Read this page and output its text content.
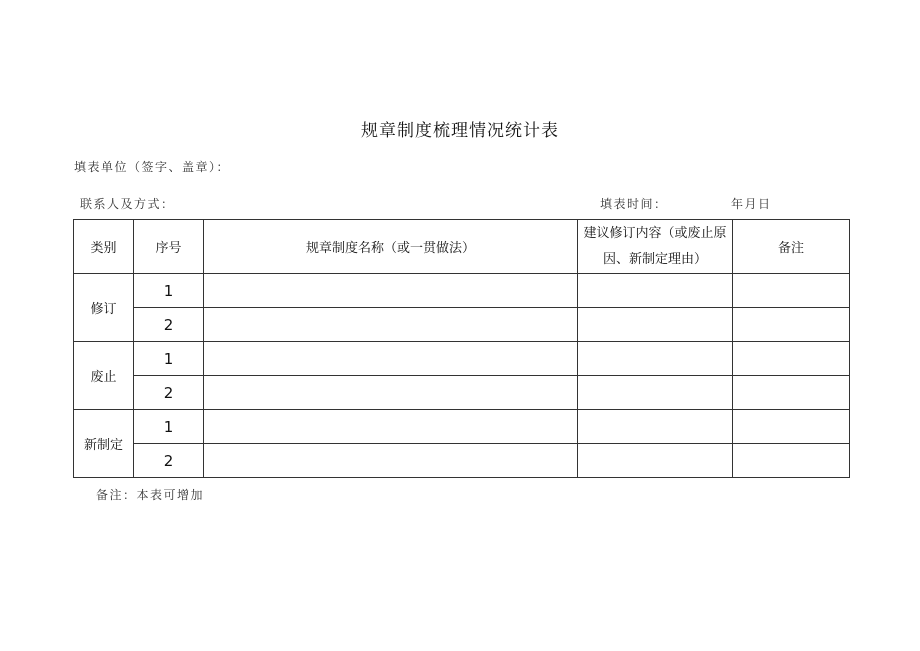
规章制度梳理情况统计表
填表单位（签字、盖章）：
联系人及方式：	填表时间：	年月日
类别	序号	规章制度名称（或一贯做法）	建议修订内容（或废止原因、新制定理由）	备注
修订	1			
	2			
废止	1			
	2			
新制定	1			
	2			
备注：本表可增加
